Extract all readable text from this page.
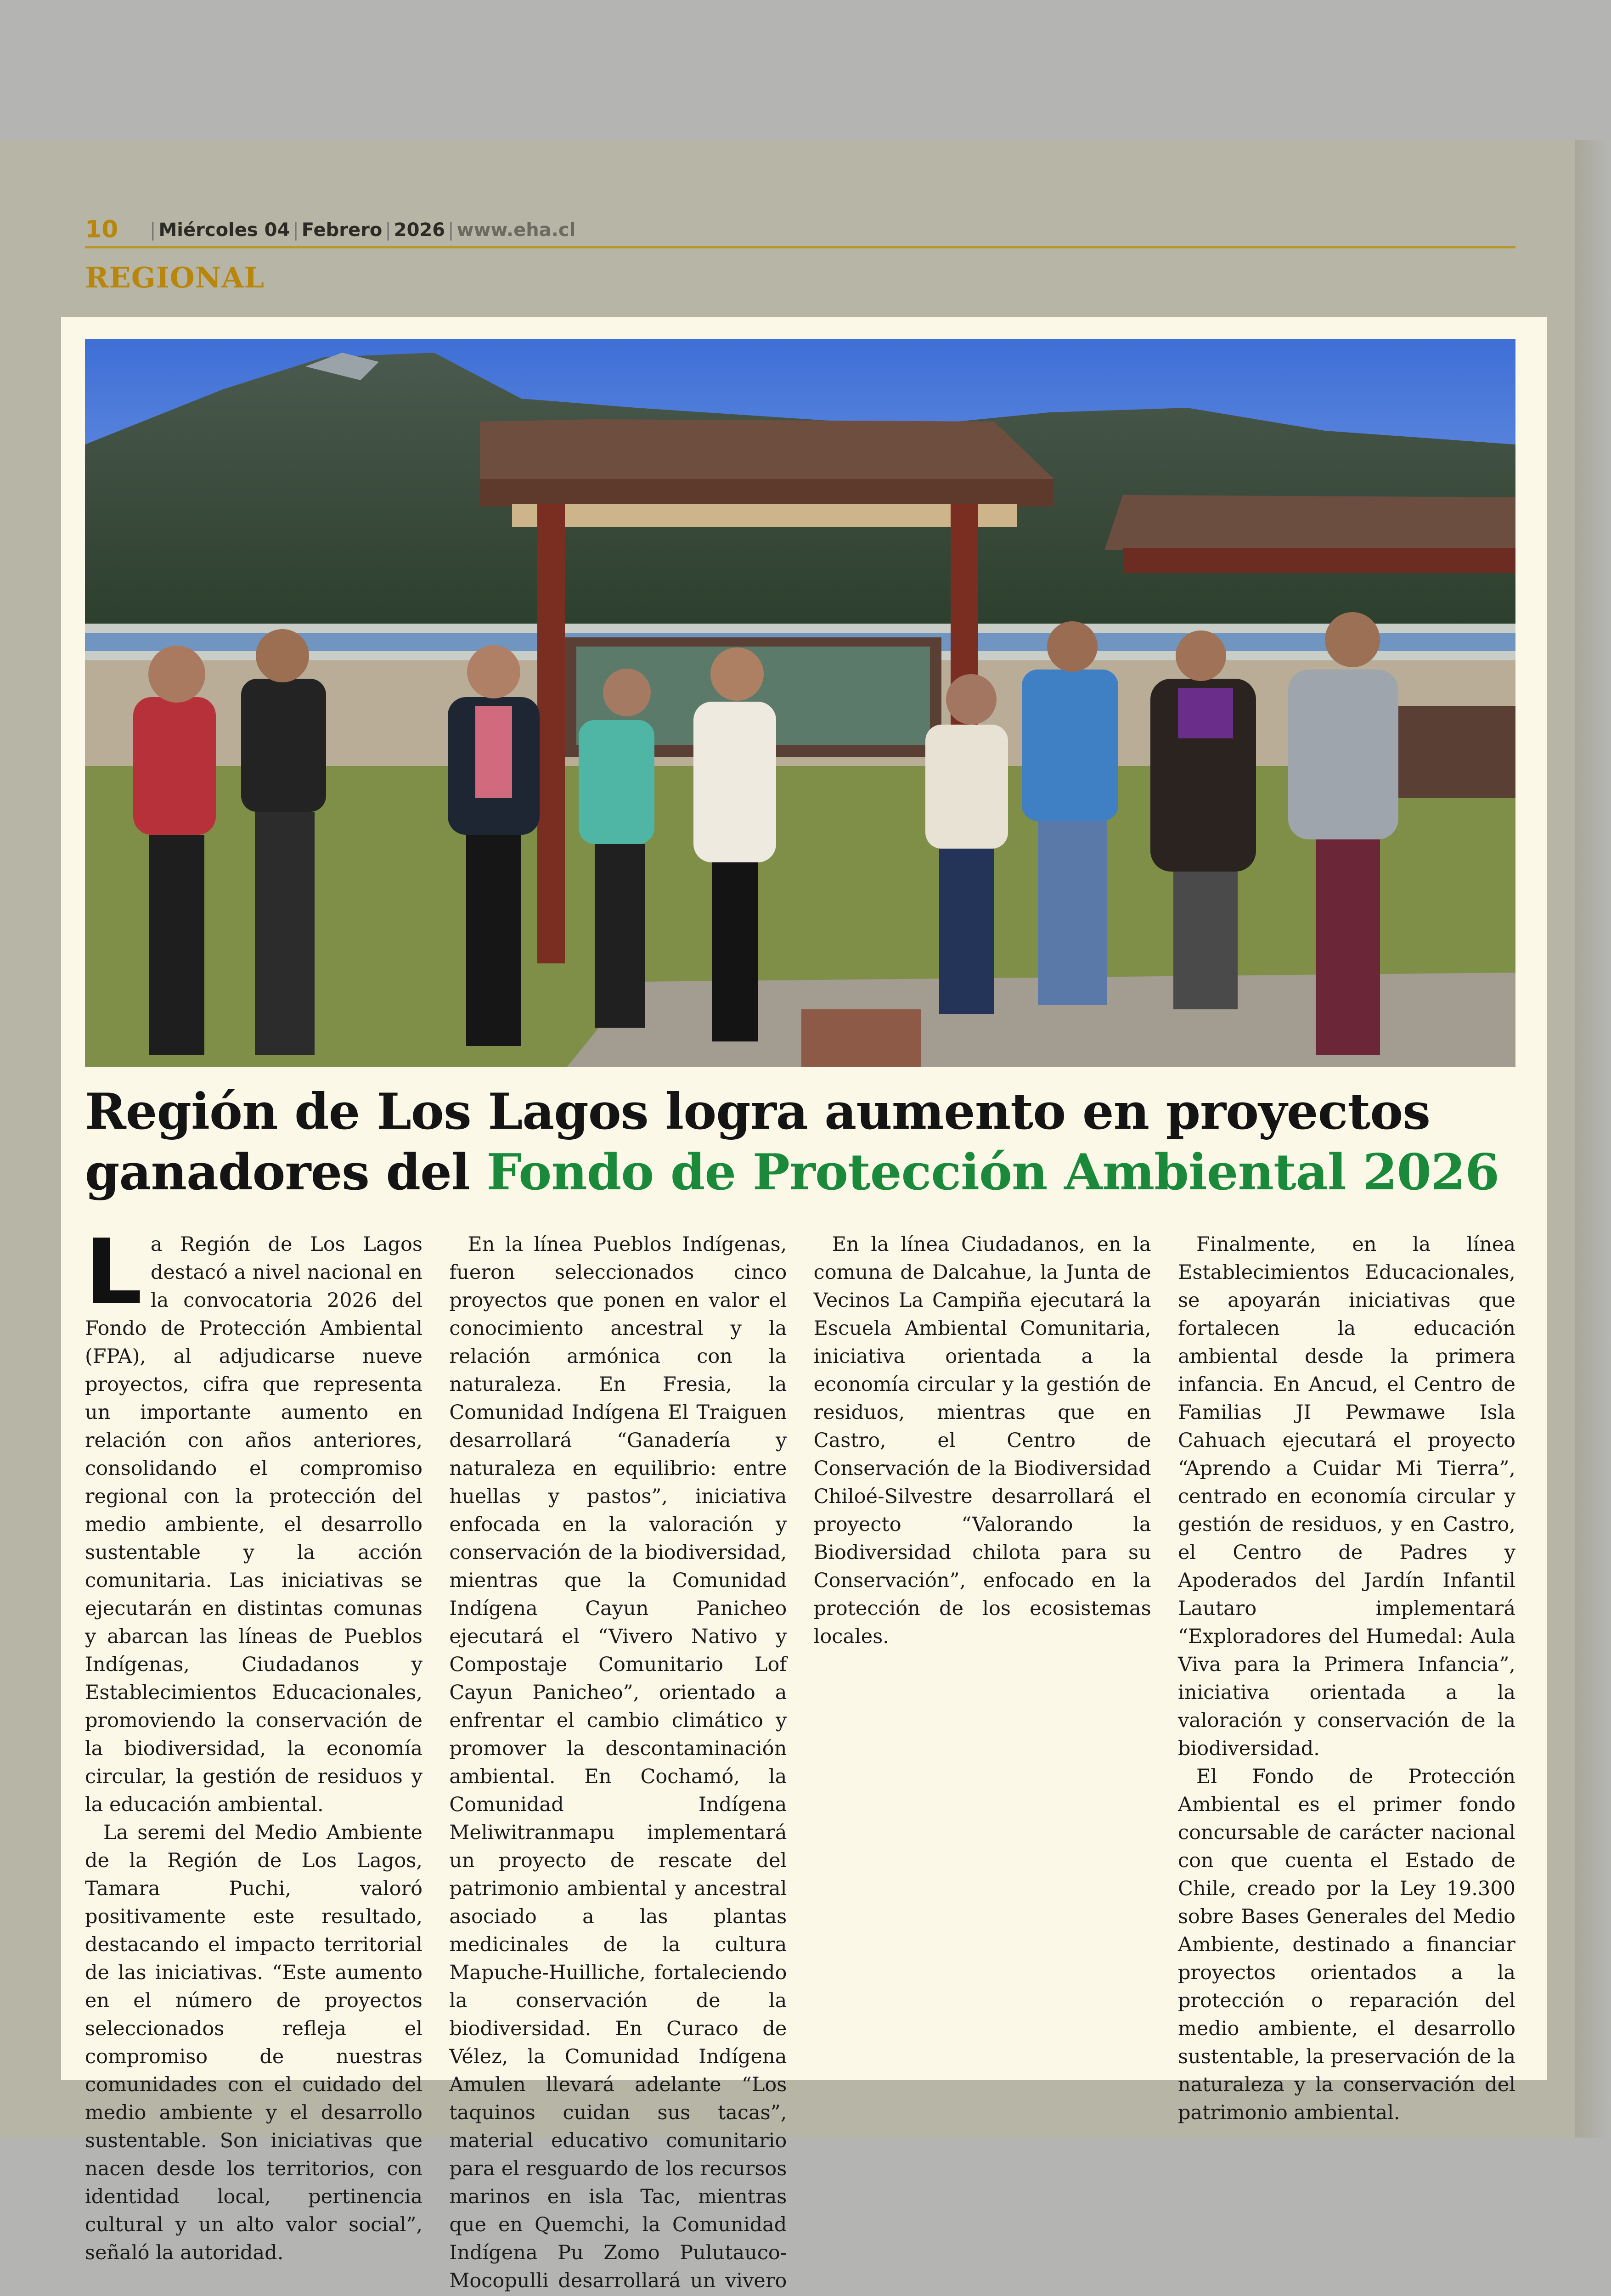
10 | Miércoles 04 | Febrero | 2026 | www.eha.cl
REGIONAL
Región de Los Lagos logra aumento en proyectos ganadores del Fondo de Protección Ambiental 2026

La Región de Los Lagos destacó a nivel nacional en la convocatoria 2026 del Fondo de Protección Ambiental (FPA), al adjudicarse nueve proyectos, cifra que representa un importante aumento en relación con años anteriores, consolidando el compromiso regional con la protección del medio ambiente, el desarrollo sustentable y la acción comunitaria. Las iniciativas se ejecutarán en distintas comunas y abarcan las líneas de Pueblos Indígenas, Ciudadanos y Establecimientos Educacionales, promoviendo la conservación de la biodiversidad, la economía circular, la gestión de residuos y la educación ambiental.

La seremi del Medio Ambiente de la Región de Los Lagos, Tamara Puchi, valoró positivamente este resultado, destacando el impacto territorial de las iniciativas. “Este aumento en el número de proyectos seleccionados refleja el compromiso de nuestras comunidades con el cuidado del medio ambiente y el desarrollo sustentable. Son iniciativas que nacen desde los territorios, con identidad local, pertinencia cultural y un alto valor social”, señaló la autoridad.

En la línea Pueblos Indígenas, fueron seleccionados cinco proyectos que ponen en valor el conocimiento ancestral y la relación armónica con la naturaleza. En Fresia, la Comunidad Indígena El Traiguen desarrollará “Ganadería y naturaleza en equilibrio: entre huellas y pastos”, iniciativa enfocada en la valoración y conservación de la biodiversidad, mientras que la Comunidad Indígena Cayun Panicheo ejecutará el “Vivero Nativo y Compostaje Comunitario Lof Cayun Panicheo”, orientado a enfrentar el cambio climático y promover la descontaminación ambiental. En Cochamó, la Comunidad Indígena Meliwitranmapu implementará un proyecto de rescate del patrimonio ambiental y ancestral asociado a las plantas medicinales de la cultura Mapuche-Huilliche, fortaleciendo la conservación de la biodiversidad. En Curaco de Vélez, la Comunidad Indígena Amulen llevará adelante “Los taquinos cuidan sus tacas”, material educativo comunitario para el resguardo de los recursos marinos en isla Tac, mientras que en Quemchi, la Comunidad Indígena Pu Zomo Pulutauco-Mocopulli desarrollará un vivero

En la línea Ciudadanos, en la comuna de Dalcahue, la Junta de Vecinos La Campiña ejecutará la Escuela Ambiental Comunitaria, iniciativa orientada a la economía circular y la gestión de residuos, mientras que en Castro, el Centro de Conservación de la Biodiversidad Chiloé-Silvestre desarrollará el proyecto “Valorando la Biodiversidad chilota para su Conservación”, enfocado en la protección de los ecosistemas locales.

Finalmente, en la línea Establecimientos Educacionales, se apoyarán iniciativas que fortalecen la educación ambiental desde la primera infancia. En Ancud, el Centro de Familias JI Pewmawe Isla Cahuach ejecutará el proyecto “Aprendo a Cuidar Mi Tierra”, centrado en economía circular y gestión de residuos, y en Castro, el Centro de Padres y Apoderados del Jardín Infantil Lautaro implementará “Exploradores del Humedal: Aula Viva para la Primera Infancia”, iniciativa orientada a la valoración y conservación de la biodiversidad.

El Fondo de Protección Ambiental es el primer fondo concursable de carácter nacional con que cuenta el Estado de Chile, creado por la Ley 19.300 sobre Bases Generales del Medio Ambiente, destinado a financiar proyectos orientados a la protección o reparación del medio ambiente, el desarrollo sustentable, la preservación de la naturaleza y la conservación del patrimonio ambiental.
